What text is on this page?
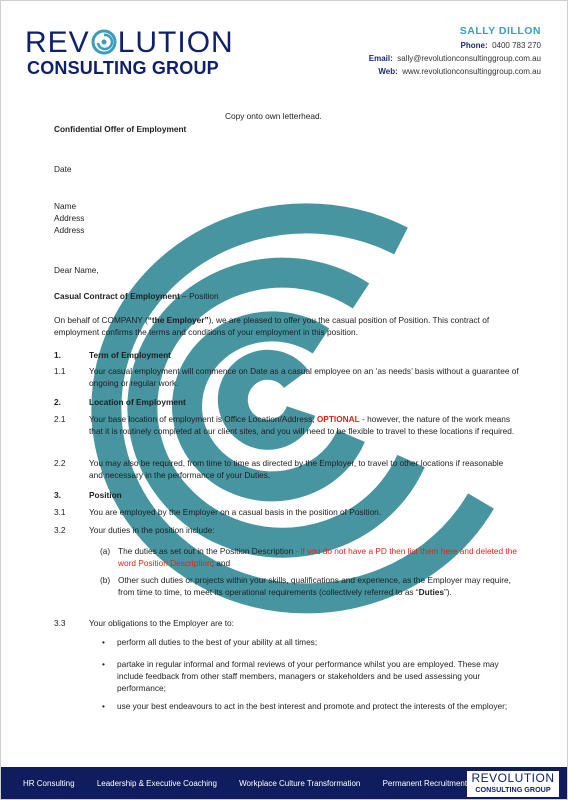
REV LUTION
CONSULTING GROUP
SALLY DILLON
Phone: 0400 783 270
Email: sally@revolutionconsultinggroup.com.au
Web: www.revolutionconsultinggroup.com.au
Copy onto own letterhead.
Confidential Offer of Employment
Date
Name
Address
Address
Dear Name,
Casual Contract of Employment – Position
On behalf of COMPANY (“the Employer”), we are pleased to offer you the casual position of Position. This contract of employment confirms the terms and conditions of your employment in this position.
1.	Term of Employment
1.1	Your casual employment will commence on Date as a casual employee on an ‘as needs’ basis without a guarantee of ongoing or regular work.
2.	Location of Employment
2.1	Your base location of employment is Office Location/Address; OPTIONAL - however, the nature of the work means that it is routinely completed at our client sites, and you will need to be flexible to travel to these locations if required.
2.2	You may also be required, from time to time as directed by the Employer, to travel to other locations if reasonable and necessary in the performance of your Duties.
3.	Position
3.1	You are employed by the Employer on a casual basis in the position of Position.
3.2	Your duties in the position include:
(a) The duties as set out in the Position Description - if you do not have a PD then list them here and deleted the word Position Description; and
(b) Other such duties or projects within your skills, qualifications and experience, as the Employer may require, from time to time, to meet its operational requirements (collectively referred to as “Duties”).
3.3	Your obligations to the Employer are to:
• perform all duties to the best of your ability at all times;
• partake in regular informal and formal reviews of your performance whilst you are employed. These may include feedback from other staff members, managers or stakeholders and be used assessing your performance;
• use your best endeavours to act in the best interest and promote and protect the interests of the employer;
HR Consulting	Leadership & Executive Coaching	Workplace Culture Transformation	Permanent Recruitment REVOLUTION
CONSULTING GROUP
